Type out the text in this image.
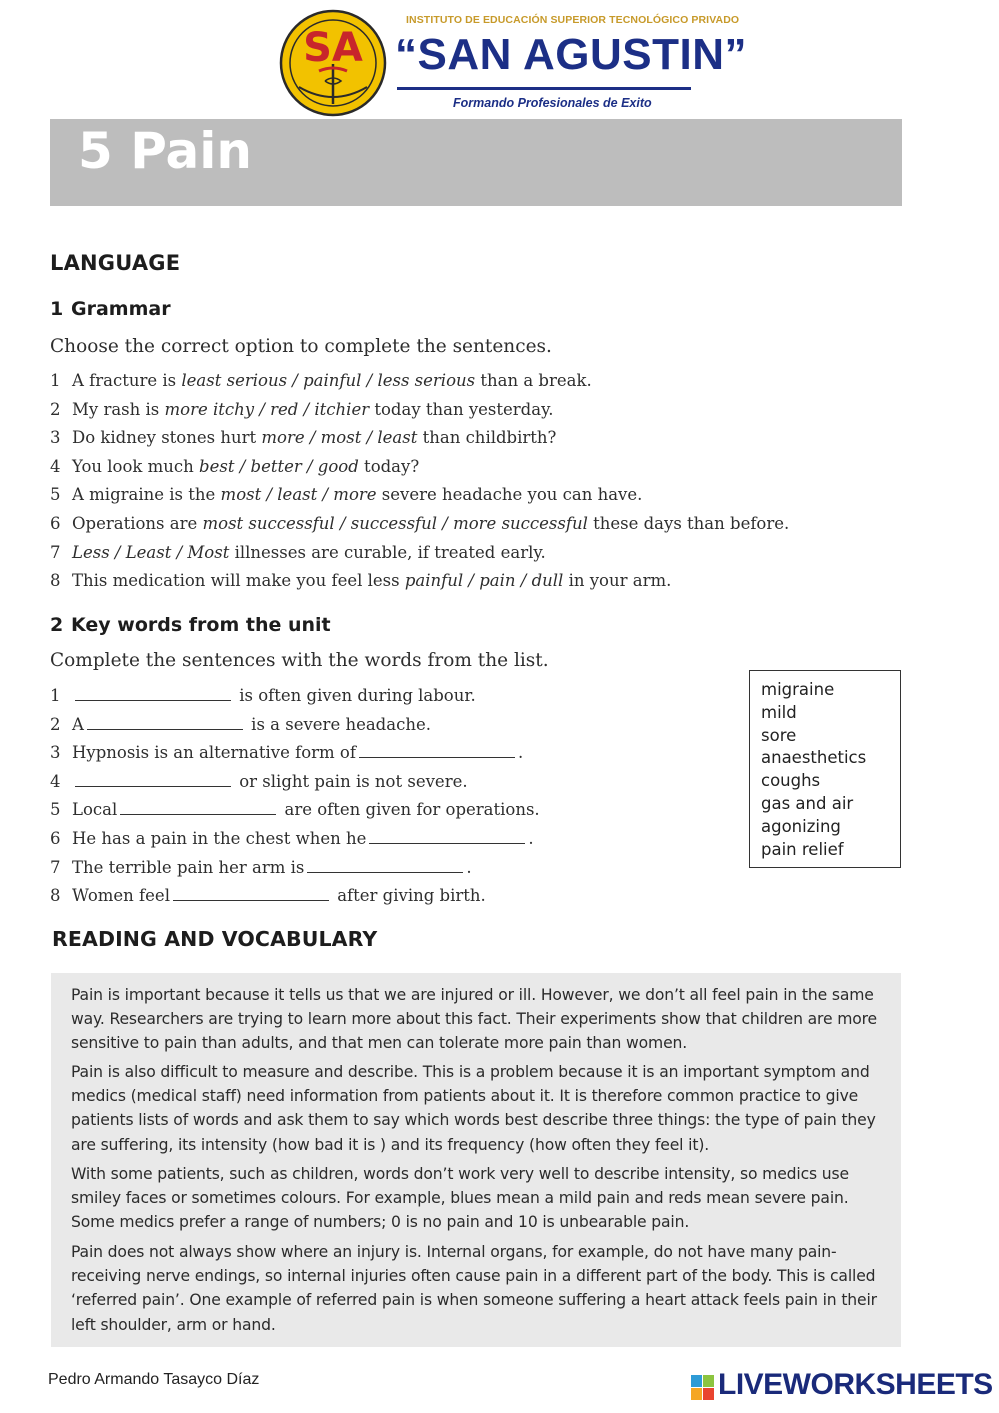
SA
INSTITUTO DE EDUCACIÓN SUPERIOR TECNOLÓGICO PRIVADO
“SAN AGUSTIN”
Formando Profesionales de Exito
5 Pain
LANGUAGE
1 Grammar
Choose the correct option to complete the sentences.
1 A fracture is least serious / painful / less serious than a break.
2 My rash is more itchy / red / itchier today than yesterday.
3 Do kidney stones hurt more / most / least than childbirth?
4 You look much best / better / good today?
5 A migraine is the most / least / more severe headache you can have.
6 Operations are most successful / successful / more successful these days than before.
7 Less / Least / Most illnesses are curable, if treated early.
8 This medication will make you feel less painful / pain / dull in your arm.
2 Key words from the unit
Complete the sentences with the words from the list.
1	is often given during labour.
2 A	is a severe headache.
3 Hypnosis is an alternative form of	.
4	or slight pain is not severe.
5 Local	are often given for operations.
6 He has a pain in the chest when he	.
7 The terrible pain her arm is	.
8 Women feel	after giving birth.
migraine
mild
sore
anaesthetics
coughs
gas and air
agonizing
pain relief
READING AND VOCABULARY

Pain is important because it tells us that we are injured or ill. However, we don’t all feel pain in the same way. Researchers are trying to learn more about this fact. Their experiments show that children are more sensitive to pain than adults, and that men can tolerate more pain than women.

Pain is also difficult to measure and describe. This is a problem because it is an important symptom and medics (medical staff) need information from patients about it. It is therefore common practice to give patients lists of words and ask them to say which words best describe three things: the type of pain they are suffering, its intensity (how bad it is ) and its frequency (how often they feel it).

With some patients, such as children, words don’t work very well to describe intensity, so medics use smiley faces or sometimes colours. For example, blues mean a mild pain and reds mean severe pain. Some medics prefer a range of numbers; 0 is no pain and 10 is unbearable pain.

Pain does not always show where an injury is. Internal organs, for example, do not have many pain-receiving nerve endings, so internal injuries often cause pain in a different part of the body. This is called ‘referred pain’. One example of referred pain is when someone suffering a heart attack feels pain in their left shoulder, arm or hand.

Pedro Armando Tasayco Díaz	LIVEWORKSHEETS
